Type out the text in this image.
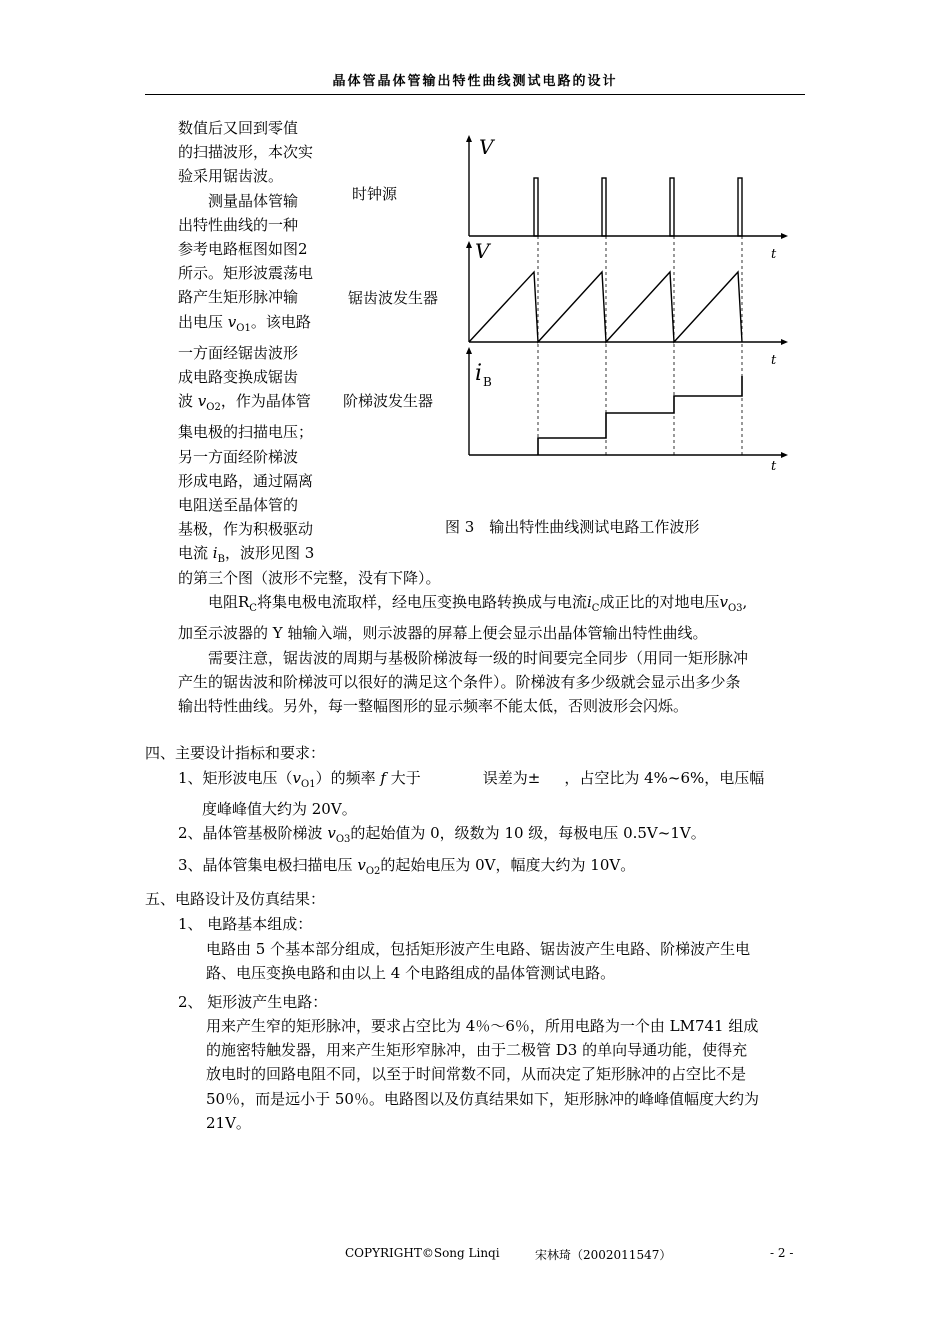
晶体管晶体管输出特性曲线测试电路的设计

数值后又回到零值

的扫描波形，本次实

验采用锯齿波。

测量晶体管输

出特性曲线的一种

参考电路框图如图2

所示。矩形波震荡电

路产生矩形脉冲输

出电压 $v_{O1}$。该电路

一方面经锯齿波形

成电路变换成锯齿

波 $v_{O2}$，作为晶体管

集电极的扫描电压；

另一方面经阶梯波

形成电路，通过隔离

电阻送至晶体管的

基极，作为积极驱动

电流 $i_B$，波形见图 3

时钟源
锯齿波发生器
阶梯波发生器
V
t
V
t
i B
t
图 3　输出特性曲线测试电路工作波形

的第三个图（波形不完整，没有下降）。

电阻$R_C$将集电极电流取样，经电压变换电路转换成与电流$i_C$成正比的对地电压$v_{O3}$,

加至示波器的 Y 轴输入端，则示波器的屏幕上便会显示出晶体管输出特性曲线。

需要注意，锯齿波的周期与基极阶梯波每一级的时间要完全同步（用同一矩形脉冲

产生的锯齿波和阶梯波可以很好的满足这个条件）。阶梯波有多少级就会显示出多少条

输出特性曲线。另外，每一整幅图形的显示频率不能太低，否则波形会闪烁。

四、主要设计指标和要求：

1、矩形波电压$(v_{O1})$的频率 f 大于	误差为± ，占空比为 4%~6%，电压幅

度峰峰值大约为 20V。

2、晶体管基极阶梯波 $v_{O3}$的起始值为 0，级数为 10 级，每极电压 0.5V~1V。

3、晶体管集电极扫描电压 $v_{O2}$的起始电压为 0V，幅度大约为 10V。

五、电路设计及仿真结果：
1、 电路基本组成：

电路由 5 个基本部分组成，包括矩形波产生电路、锯齿波产生电路、阶梯波产生电

路、电压变换电路和由以上 4 个电路组成的晶体管测试电路。

2、 矩形波产生电路：

用来产生窄的矩形脉冲，要求占空比为 4％～6％，所用电路为一个由 LM741 组成

的施密特触发器，用来产生矩形窄脉冲，由于二极管 D3 的单向导通功能，使得充

放电时的回路电阻不同，以至于时间常数不同，从而决定了矩形脉冲的占空比不是

50％，而是远小于 50％。电路图以及仿真结果如下，矩形脉冲的峰峰值幅度大约为

21V。

COPYRIGHT©Song Linqi	宋林琦（2002011547）	- 2 -
